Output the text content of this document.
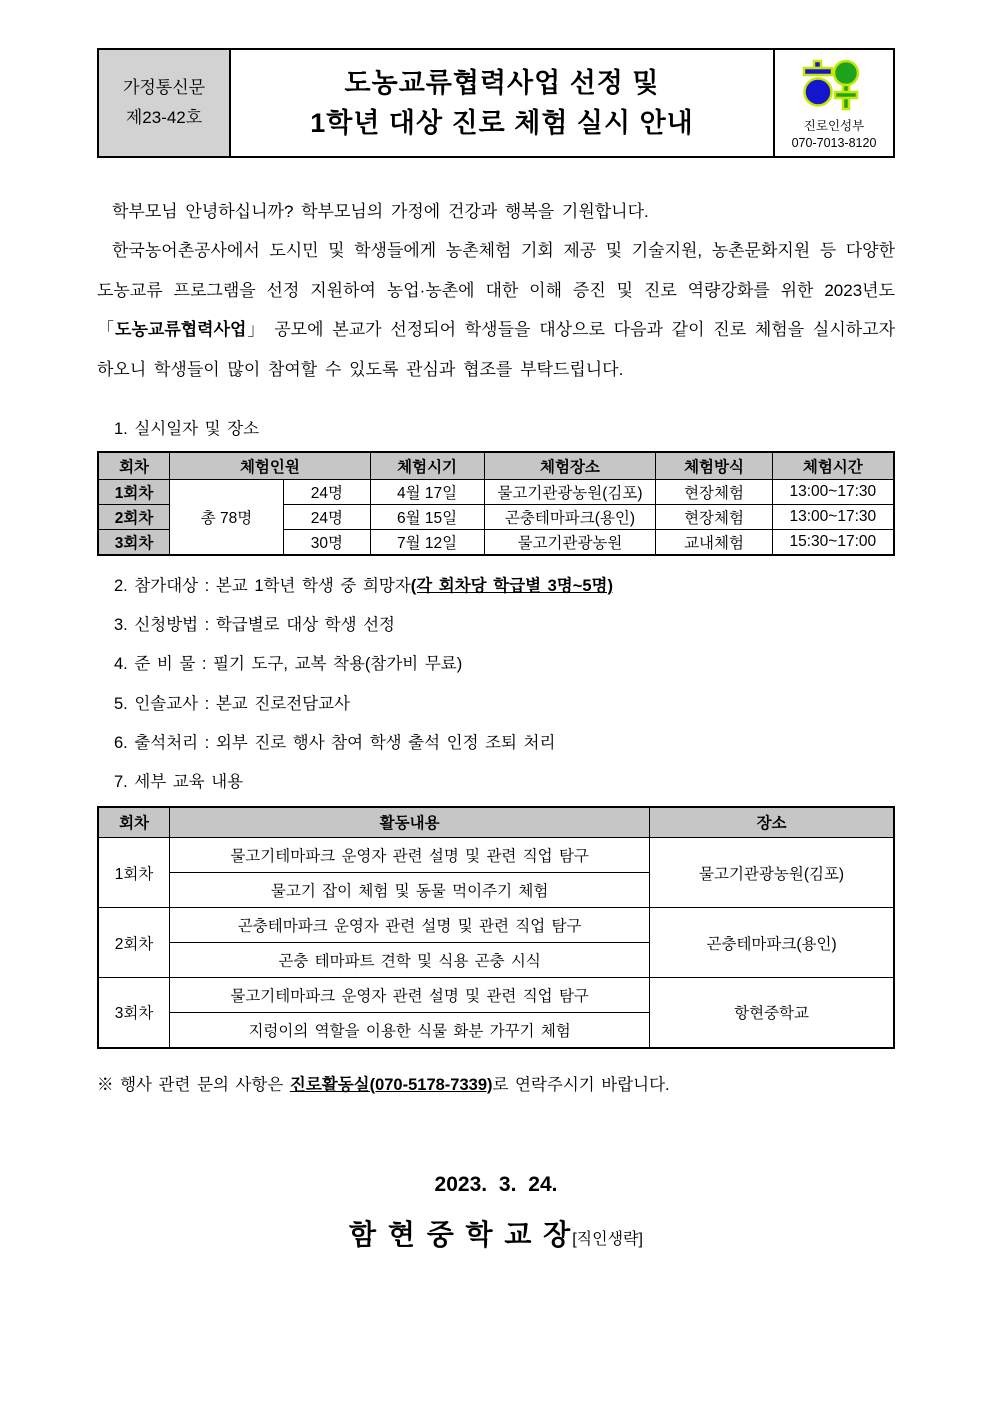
가정통신문
제23-42호
도농교류협력사업 선정 및
1학년 대상 진로 체험 실시 안내	진로인성부
070-7013-8120

학부모님 안녕하십니까? 학부모님의 가정에 건강과 행복을 기원합니다.

한국농어촌공사에서 도시민 및 학생들에게 농촌체험 기회 제공 및 기술지원, 농촌문화지원 등 다양한 도농교류 프로그램을 선정 지원하여 농업·농촌에 대한 이해 증진 및 진로 역량강화를 위한 2023년도 「도농교류협력사업」 공모에 본교가 선정되어 학생들을 대상으로 다음과 같이 진로 체험을 실시하고자 하오니 학생들이 많이 참여할 수 있도록 관심과 협조를 부탁드립니다.

1. 실시일자 및 장소
회차	체험인원		체험시기	체험장소	체험방식	체험시간
1회차	총 78명	24명	4월 17일	물고기관광농원(김포)	현장체험	13:00~17:30
2회차		24명	6월 15일	곤충테마파크(용인)	현장체험	13:00~17:30
3회차		30명	7월 12일	물고기관광농원	교내체험	15:30~17:00
2. 참가대상 : 본교 1학년 학생 중 희망자(각 회차당 학급별 3명~5명)
3. 신청방법 : 학급별로 대상 학생 선정
4. 준 비 물 : 필기 도구, 교복 착용(참가비 무료)
5. 인솔교사 : 본교 진로전담교사
6. 출석처리 : 외부 진로 행사 참여 학생 출석 인정 조퇴 처리
7. 세부 교육 내용
회차	활동내용	장소
1회차	물고기테마파크 운영자 관련 설명 및 관련 직업 탐구	물고기관광농원(김포)
	물고기 잡이 체험 및 동물 먹이주기 체험	
2회차	곤충테마파크 운영자 관련 설명 및 관련 직업 탐구	곤충테마파크(용인)
	곤충 테마파트 견학 및 식용 곤충 시식	
3회차	물고기테마파크 운영자 관련 설명 및 관련 직업 탐구	항현중학교
	지렁이의 역할을 이용한 식물 화분 가꾸기 체험	
※ 행사 관련 문의 사항은 진로활동실(070-5178-7339)로 연락주시기 바랍니다.
2023. 3. 24.
함 현 중 학 교 장[직인생략]
